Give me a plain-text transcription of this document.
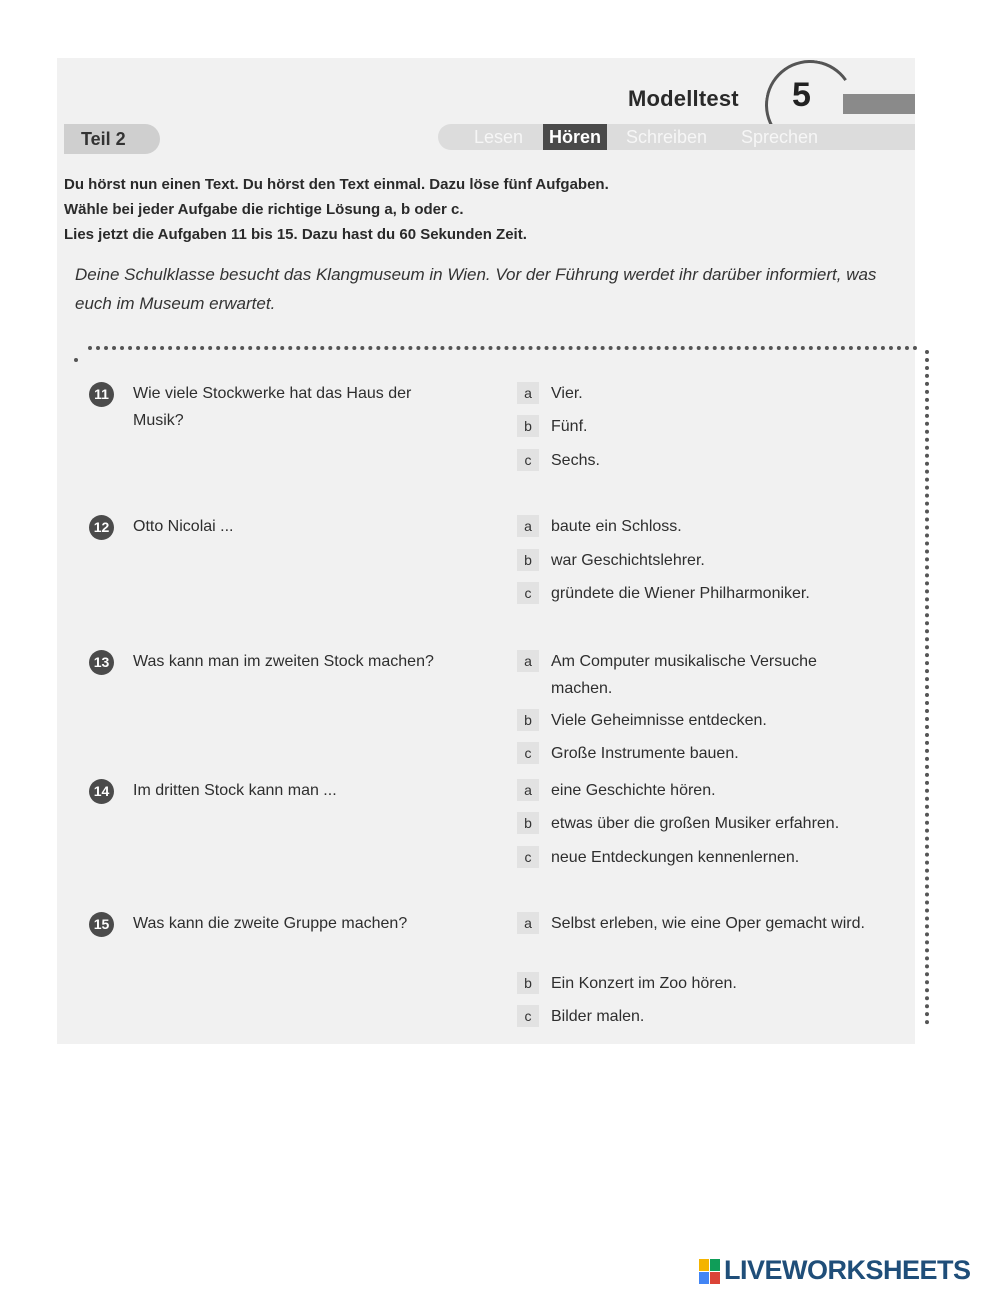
Modelltest 5
Teil 2	Lesen	Hören	Schreiben Sprechen
Du hörst nun einen Text. Du hörst den Text einmal. Dazu löse fünf Aufgaben.
Wähle bei jeder Aufgabe die richtige Lösung a, b oder c.
Lies jetzt die Aufgaben 11 bis 15. Dazu hast du 60 Sekunden Zeit.
Deine Schulklasse besucht das Klangmuseum in Wien. Vor der Führung werdet ihr darüber informiert, was euch im Museum erwartet.
11	Wie viele Stockwerke hat das Haus der Musik?
a	Vier.
b	Fünf.
c	Sechs.
12 Otto Nicolai ...	a	baute ein Schloss.
b	war Geschichtslehrer.
c	gründete die Wiener Philharmoniker.
13 Was kann man im zweiten Stock machen?	a	Am Computer musikalische Versuche machen.
b	Viele Geheimnisse entdecken.
c	Große Instrumente bauen.
14 Im dritten Stock kann man ...	a	eine Geschichte hören.
b	etwas über die großen Musiker erfahren.
c	neue Entdeckungen kennenlernen.
15 Was kann die zweite Gruppe machen?	a	Selbst erleben, wie eine Oper gemacht wird.
b	Ein Konzert im Zoo hören.
c	Bilder malen.
LIVEWORKSHEETS
